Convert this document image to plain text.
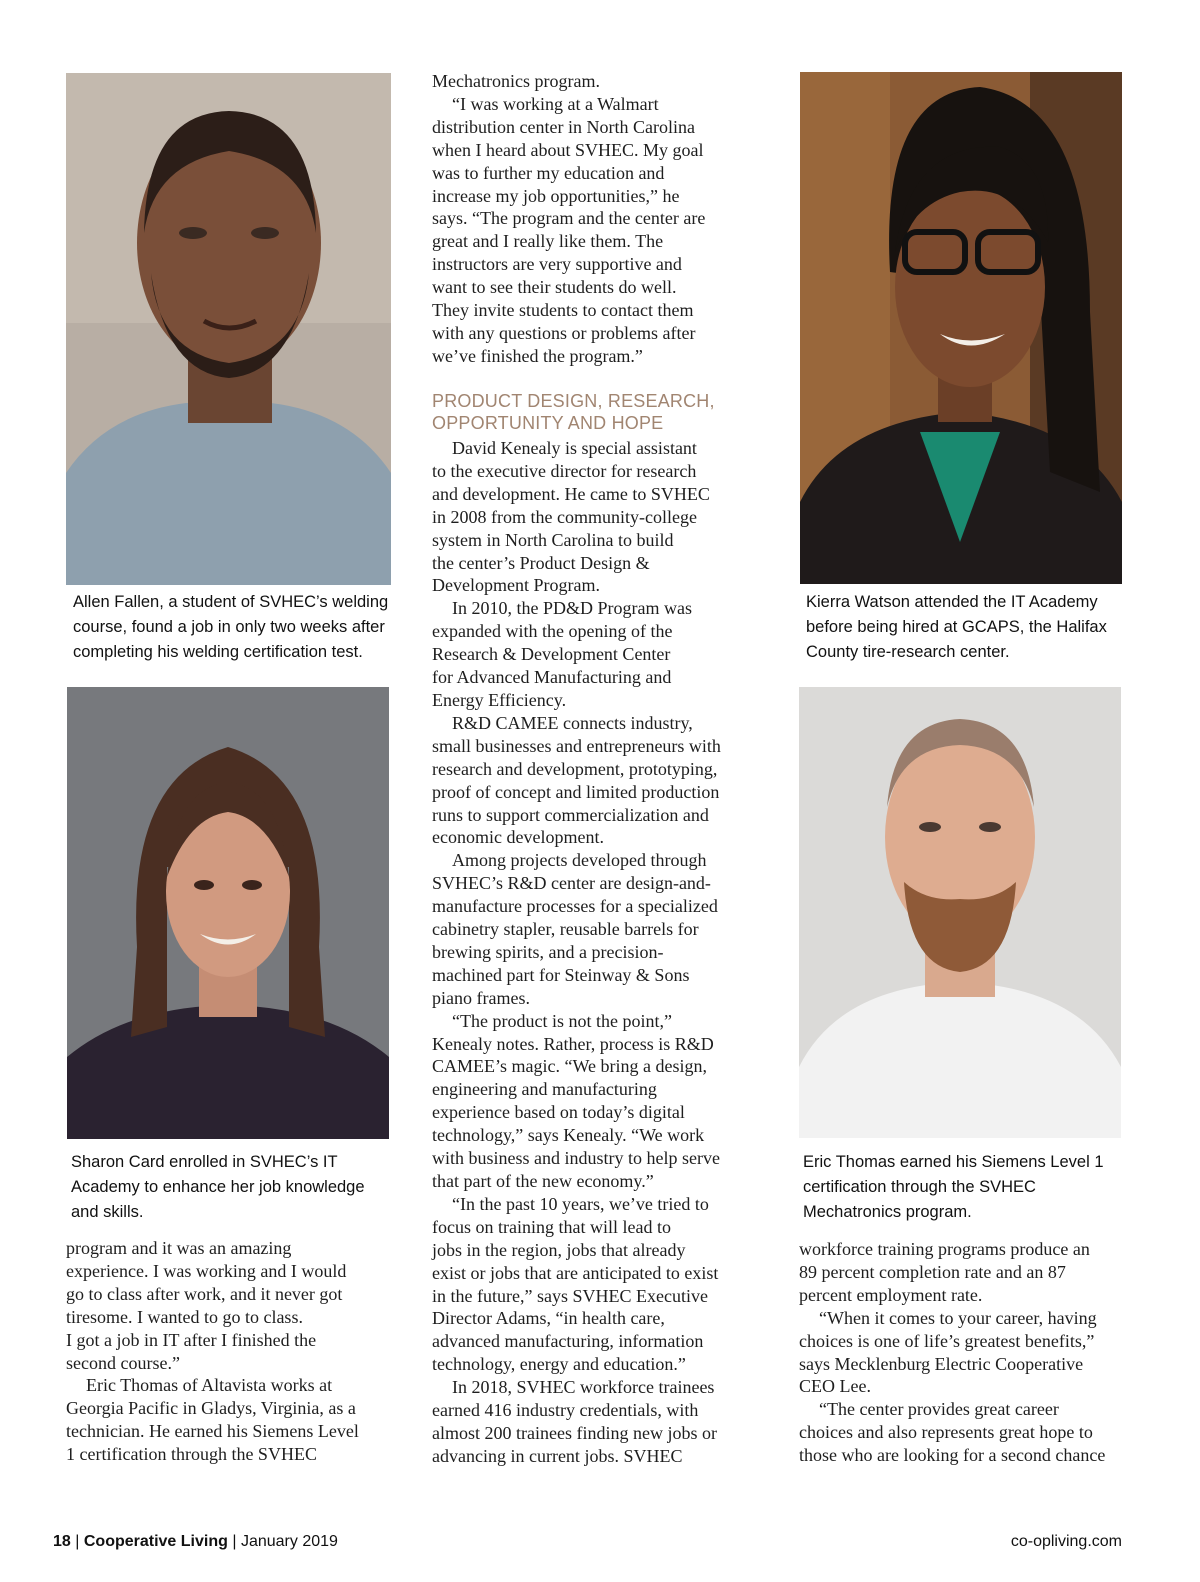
Allen Fallen, a student of SVHEC’s welding
course, found a job in only two weeks after
completing his welding certification test.
Sharon Card enrolled in SVHEC’s IT
Academy to enhance her job knowledge
and skills.
Kierra Watson attended the IT Academy
before being hired at GCAPS, the Halifax
County tire-research center.
Eric Thomas earned his Siemens Level 1
certification through the SVHEC
Mechatronics program.

program and it was an amazing

experience. I was working and I would

go to class after work, and it never got

tiresome. I wanted to go to class.

I got a job in IT after I finished the

second course.”

Eric Thomas of Altavista works at

Georgia Pacific in Gladys, Virginia, as a

technician. He earned his Siemens Level

1 certification through the SVHEC

Mechatronics program.

“I was working at a Walmart

distribution center in North Carolina

when I heard about SVHEC. My goal

was to further my education and

increase my job opportunities,” he

says. “The program and the center are

great and I really like them. The

instructors are very supportive and

want to see their students do well.

They invite students to contact them

with any questions or problems after

we’ve finished the program.”

PRODUCT DESIGN, RESEARCH,
OPPORTUNITY AND HOPE

David Kenealy is special assistant

to the executive director for research

and development. He came to SVHEC

in 2008 from the community-college

system in North Carolina to build

the center’s Product Design &

Development Program.

In 2010, the PD&D Program was

expanded with the opening of the

Research & Development Center

for Advanced Manufacturing and

Energy Efficiency.

R&D CAMEE connects industry,

small businesses and entrepreneurs with

research and development, prototyping,

proof of concept and limited production

runs to support commercialization and

economic development.

Among projects developed through

SVHEC’s R&D center are design-and-

manufacture processes for a specialized

cabinetry stapler, reusable barrels for

brewing spirits, and a precision-

machined part for Steinway & Sons

piano frames.

“The product is not the point,”

Kenealy notes. Rather, process is R&D

CAMEE’s magic. “We bring a design,

engineering and manufacturing

experience based on today’s digital

technology,” says Kenealy. “We work

with business and industry to help serve

that part of the new economy.”

“In the past 10 years, we’ve tried to

focus on training that will lead to

jobs in the region, jobs that already

exist or jobs that are anticipated to exist

in the future,” says SVHEC Executive

Director Adams, “in health care,

advanced manufacturing, information

technology, energy and education.”

In 2018, SVHEC workforce trainees

earned 416 industry credentials, with

almost 200 trainees finding new jobs or

advancing in current jobs. SVHEC

workforce training programs produce an

89 percent completion rate and an 87

percent employment rate.

“When it comes to your career, having

choices is one of life’s greatest benefits,”

says Mecklenburg Electric Cooperative

CEO Lee.

“The center provides great career

choices and also represents great hope to

those who are looking for a second chance

18 | Cooperative Living | January 2019	co-opliving.com
